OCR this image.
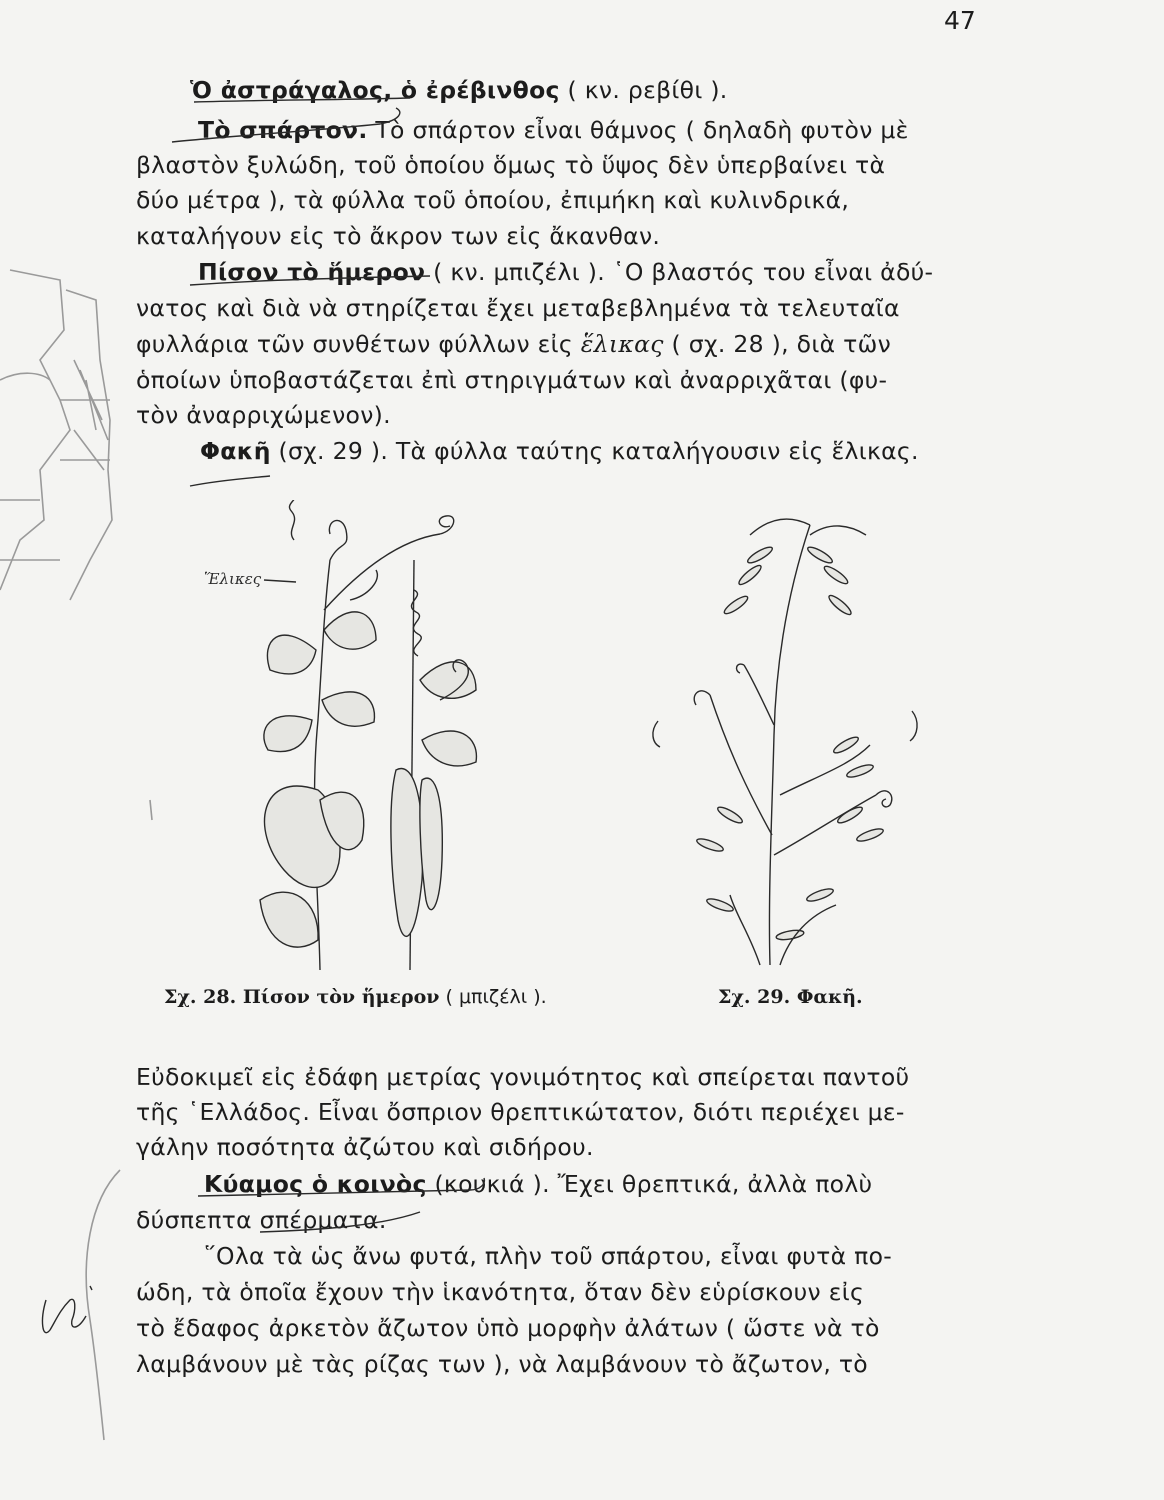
47
Ὁ ἀστράγαλος, ὁ ἐρέβινθος ( κν. ρεβίθι ).
Τὸ σπάρτον. Τὸ σπάρτον εἶναι θάμνος ( δηλαδὴ φυτὸν μὲ
βλαστὸν ξυλώδη, τοῦ ὁποίου ὅμως τὸ ὕψος δὲν ὑπερβαίνει τὰ
δύο μέτρα ), τὰ φύλλα τοῦ ὁποίου, ἐπιμήκη καὶ κυλινδρικά,
καταλήγουν εἰς τὸ ἄκρον των εἰς ἄκανθαν.
Πίσον τὸ ἥμερον ( κν. μπιζέλι ). ῾Ο βλαστός του εἶναι ἀδύ-
νατος καὶ διὰ νὰ στηρίζεται ἔχει μεταβεβλημένα τὰ τελευταῖα
φυλλάρια τῶν συνθέτων φύλλων εἰς ἕλικας ( σχ. 28 ), διὰ τῶν
ὁποίων ὑποβαστάζεται ἐπὶ στηριγμάτων καὶ ἀναρριχᾶται (φυ-
τὸν ἀναρριχώμενον).
Φακῆ (σχ. 29 ). Τὰ φύλλα ταύτης καταλήγουσιν εἰς ἕλικας.
Ἕλικες
Σχ. 28. Πίσον τὸν ἥμερον ( μπιζέλι ).	Σχ. 29. Φακῆ.
Εὐδοκιμεῖ εἰς ἐδάφη μετρίας γονιμότητος καὶ σπείρεται παντοῦ
τῆς ῾Ελλάδος. Εἶναι ὄσπριον θρεπτικώτατον, διότι περιέχει με-
γάλην ποσότητα ἀζώτου καὶ σιδήρου.
Κύαμος ὁ κοινὸς (κουκιά ). Ἔχει θρεπτικά, ἀλλὰ πολὺ
δύσπεπτα σπέρματα.
῞Ολα τὰ ὡς ἄνω φυτά, πλὴν τοῦ σπάρτου, εἶναι φυτὰ πο-
ώδη, τὰ ὁποῖα ἔχουν τὴν ἱκανότητα, ὅταν δὲν εὑρίσκουν εἰς
τὸ ἔδαφος ἀρκετὸν ἄζωτον ὑπὸ μορφὴν ἀλάτων ( ὥστε νὰ τὸ
λαμβάνουν μὲ τὰς ρίζας των ), νὰ λαμβάνουν τὸ ἄζωτον, τὸ
